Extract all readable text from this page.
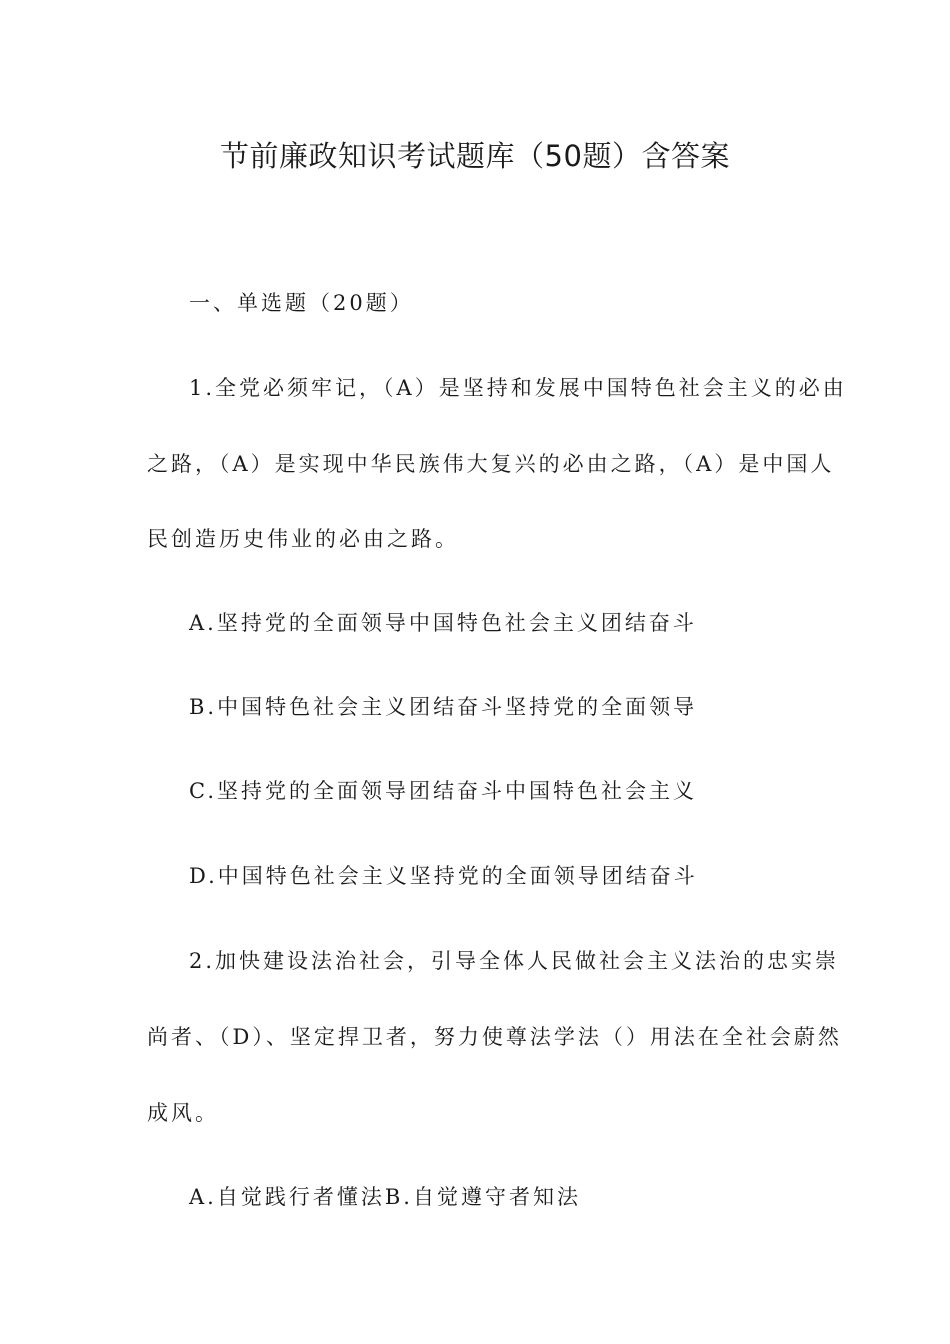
节前廉政知识考试题库（50题）含答案

一、单选题（20题）

1.全党必须牢记，（A）是坚持和发展中国特色社会主义的必由

之路，（A）是实现中华民族伟大复兴的必由之路，（A）是中国人

民创造历史伟业的必由之路。

A.坚持党的全面领导中国特色社会主义团结奋斗

B.中国特色社会主义团结奋斗坚持党的全面领导

C.坚持党的全面领导团结奋斗中国特色社会主义

D.中国特色社会主义坚持党的全面领导团结奋斗

2.加快建设法治社会，引导全体人民做社会主义法治的忠实崇

尚者、（D）、坚定捍卫者，努力使尊法学法（）用法在全社会蔚然

成风。

A.自觉践行者懂法B.自觉遵守者知法
